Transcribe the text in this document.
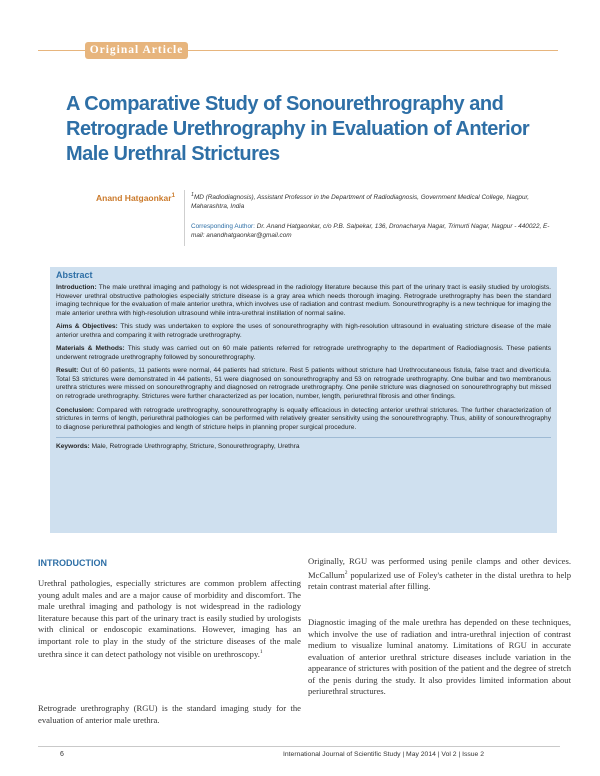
Original Article
A Comparative Study of Sonourethrography and Retrograde Urethrography in Evaluation of Anterior Male Urethral Strictures

Anand Hatgaonkar$^1$	$^1$MD (Radiodiagnosis), Assistant Professor in the Department of Radiodiagnosis, Government Medical College, Nagpur, Maharashtra, India

Corresponding Author: Dr. Anand Hatgaonkar, c/o P.B. Salpekar, 136, Dronacharya Nagar, Trimurti Nagar, Nagpur - 440022, E-mail: anandhatgaonkar@gmail.com

Abstract

Introduction: The male urethral imaging and pathology is not widespread in the radiology literature because this part of the urinary tract is easily studied by urologists. However urethral obstructive pathologies especially stricture disease is a gray area which needs thorough imaging. Retrograde urethrography has been the standard imaging technique for the evaluation of male anterior urethra, which involves use of radiation and contrast medium. Sonourethrography is a new technique for imaging the male anterior urethra with high-resolution ultrasound while intra-urethral instillation of normal saline.

Aims & Objectives: This study was undertaken to explore the uses of sonourethrography with high-resolution ultrasound in evaluating stricture disease of the male anterior urethra and comparing it with retrograde urethrography.

Materials & Methods: This study was carried out on 60 male patients referred for retrograde urethrography to the department of Radiodiagnosis. These patients underwent retrograde urethrography followed by sonourethrography.

Result: Out of 60 patients, 11 patients were normal, 44 patients had stricture. Rest 5 patients without stricture had Urethrocutaneous fistula, false tract and diverticula. Total 53 strictures were demonstrated in 44 patients, 51 were diagnosed on sonourethrography and 53 on retrograde urethrography. One bulbar and two membranous urethra strictures were missed on sonourethrography and diagnosed on retrograde urethrography. One penile stricture was diagnosed on sonourethrography but missed on retrograde urethrography. Strictures were further characterized as per location, number, length, periurethral fibrosis and other findings.

Conclusion: Compared with retrograde urethrography, sonourethrography is equally efficacious in detecting anterior urethral strictures. The further characterization of strictures in terms of length, periurethral pathologies can be performed with relatively greater sensitivity using the sonourethrography. Thus, ability of sonourethrography to diagnose periurethral pathologies and length of stricture helps in planning proper surgical procedure.

Keywords: Male, Retrograde Urethrography, Stricture, Sonourethrography, Urethra

INTRODUCTION

Urethral pathologies, especially strictures are common problem affecting young adult males and are a major cause of morbidity and discomfort. The male urethral imaging and pathology is not widespread in the radiology literature because this part of the urinary tract is easily studied by urologists with clinical or endoscopic examinations. However, imaging has an important role to play in the study of the stricture diseases of the male urethra since it can detect pathology not visible on urethroscopy.$^1$

Retrograde urethrography (RGU) is the standard imaging study for the evaluation of anterior male urethra.

Originally, RGU was performed using penile clamps and other devices. McCallum$^2$ popularized use of Foley's catheter in the distal urethra to help retain contrast material after filling.

Diagnostic imaging of the male urethra has depended on these techniques, which involve the use of radiation and intra-urethral injection of contrast medium to visualize luminal anatomy. Limitations of RGU in accurate evaluation of anterior urethral stricture diseases include variation in the appearance of strictures with position of the patient and the degree of stretch of the penis during the study. It also provides limited information about periurethral structures.

6	International Journal of Scientific Study | May 2014 | Vol 2 | Issue 2
